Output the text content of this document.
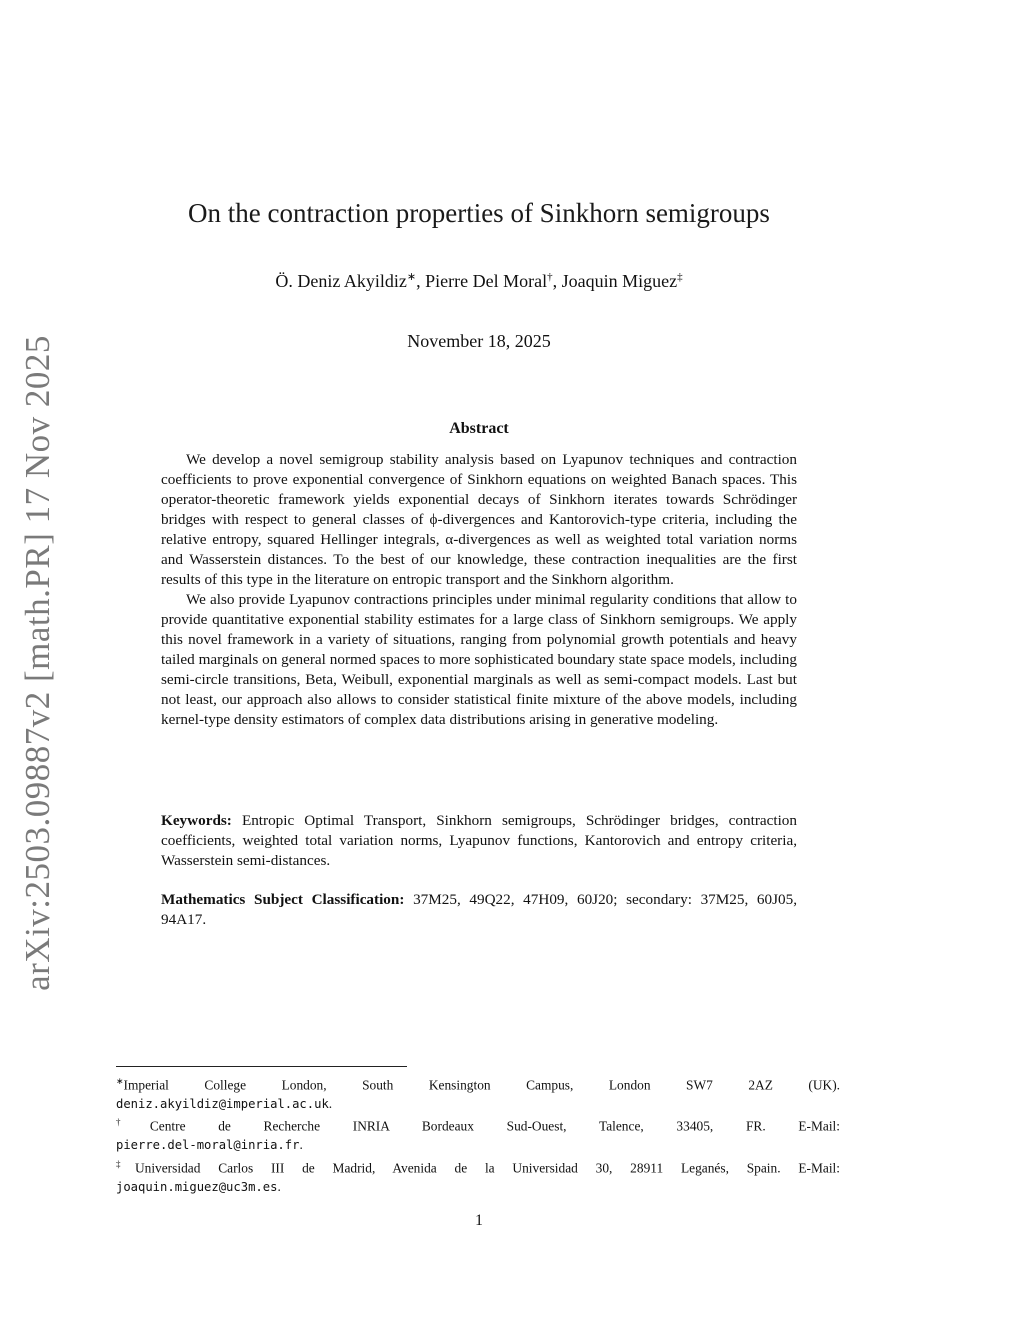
arXiv:2503.09887v2 [math.PR] 17 Nov 2025
On the contraction properties of Sinkhorn semigroups
Ö. Deniz Akyildiz∗, Pierre Del Moral†, Joaquin Miguez‡
November 18, 2025
Abstract

We develop a novel semigroup stability analysis based on Lyapunov techniques and contraction coefficients to prove exponential convergence of Sinkhorn equations on weighted Banach spaces. This operator-theoretic framework yields exponential decays of Sinkhorn iterates towards Schrödinger bridges with respect to general classes of ϕ-divergences and Kantorovich-type criteria, including the relative entropy, squared Hellinger integrals, α-divergences as well as weighted total variation norms and Wasserstein distances. To the best of our knowledge, these contraction inequalities are the first results of this type in the literature on entropic transport and the Sinkhorn algorithm.

We also provide Lyapunov contractions principles under minimal regularity conditions that allow to provide quantitative exponential stability estimates for a large class of Sinkhorn semigroups. We apply this novel framework in a variety of situations, ranging from polynomial growth potentials and heavy tailed marginals on general normed spaces to more sophisticated boundary state space models, including semi-circle transitions, Beta, Weibull, exponential marginals as well as semi-compact models. Last but not least, our approach also allows to consider statistical finite mixture of the above models, including kernel-type density estimators of complex data distributions arising in generative modeling.

Keywords: Entropic Optimal Transport, Sinkhorn semigroups, Schrödinger bridges, contraction coefficients, weighted total variation norms, Lyapunov functions, Kantorovich and entropy criteria, Wasserstein semi-distances.
Mathematics Subject Classification: 37M25, 49Q22, 47H09, 60J20; secondary: 37M25, 60J05, 94A17.
∗Imperial College London, South Kensington Campus, London SW7 2AZ (UK).
deniz.akyildiz@imperial.ac.uk.
†Centre de Recherche INRIA Bordeaux Sud-Ouest, Talence, 33405, FR. E-Mail:
pierre.del-moral@inria.fr.
‡Universidad Carlos III de Madrid, Avenida de la Universidad 30, 28911 Leganés, Spain. E-Mail:
joaquin.miguez@uc3m.es.
1
